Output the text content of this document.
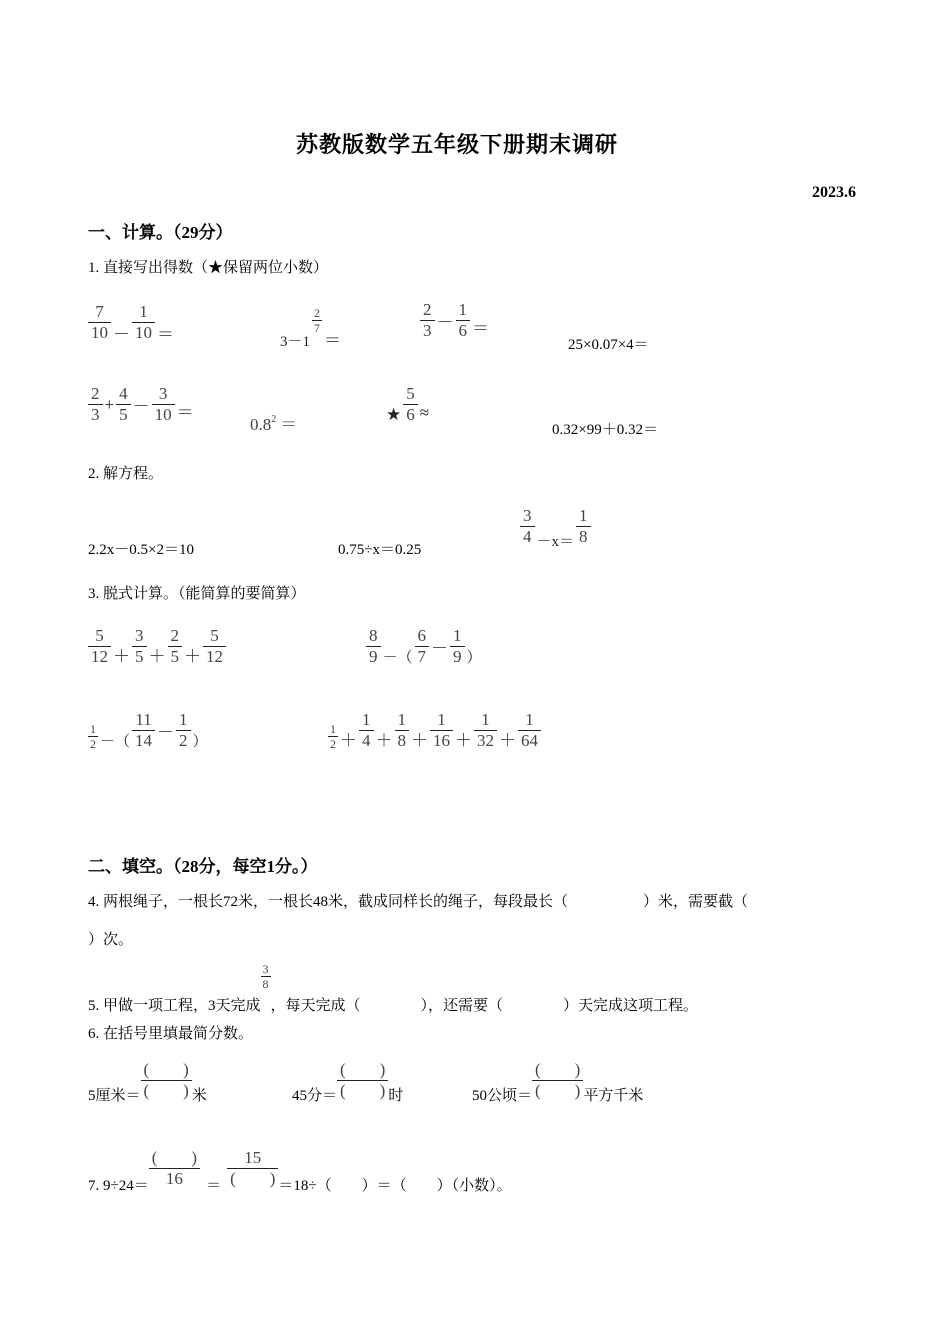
苏教版数学五年级下册期末调研
2023.6
一、计算。（29分）
1. 直接写出得数（★保留两位小数）
$\frac{7}{10} - \frac{1}{10}$ ＝	3－1
$\frac{2}{7}$
＝	$\frac{2}{3} - \frac{1}{6}$ ＝
25×0.07×4＝
$\frac{2}{3} + \frac{4}{5} - \frac{3}{10}$ ＝
$0.8^2$ ＝
★ $\frac{5}{6}$ ≈
0.32×99＋0.32＝
2. 解方程。
2.2x－0.5×2＝10	0.75÷x＝0.25
$\frac{3}{4} -x= \frac{1}{8}$
3. 脱式计算。（能简算的要简算）
$\frac{5}{12} + \frac{3}{5} + \frac{2}{5} + \frac{5}{12}$	$\frac{8}{9}$ －（ $\frac{6}{7} - \frac{1}{9}$ ）
$\frac{1}{2}$ －（ $\frac{11}{14} - \frac{1}{2}$ ）	$\frac{1}{2} + \frac{1}{4} + \frac{1}{8} + \frac{1}{16} + \frac{1}{32} + \frac{1}{64}$
二、填空。（28分，每空1分。）
4. 两根绳子，一根长72米，一根长48米，截成同样长的绳子，每段最长（　　　　　）米，需要截（
）次。
5. 甲做一项工程，3天完成
$\frac{3}{8}$
，每天完成（　　　　），还需要（　　　　）天完成这项工程。
6. 在括号里填最简分数。
5厘米＝ $\frac{( )}{( )}$ 米	45分＝ $\frac{( )}{( )}$ 时	50公顷＝ $\frac{( )}{( )}$ 平方千米
7. $9\div 24= \frac{( )}{16} = \frac{15}{( )} =18\div$（　　）＝（　　）（小数）。
